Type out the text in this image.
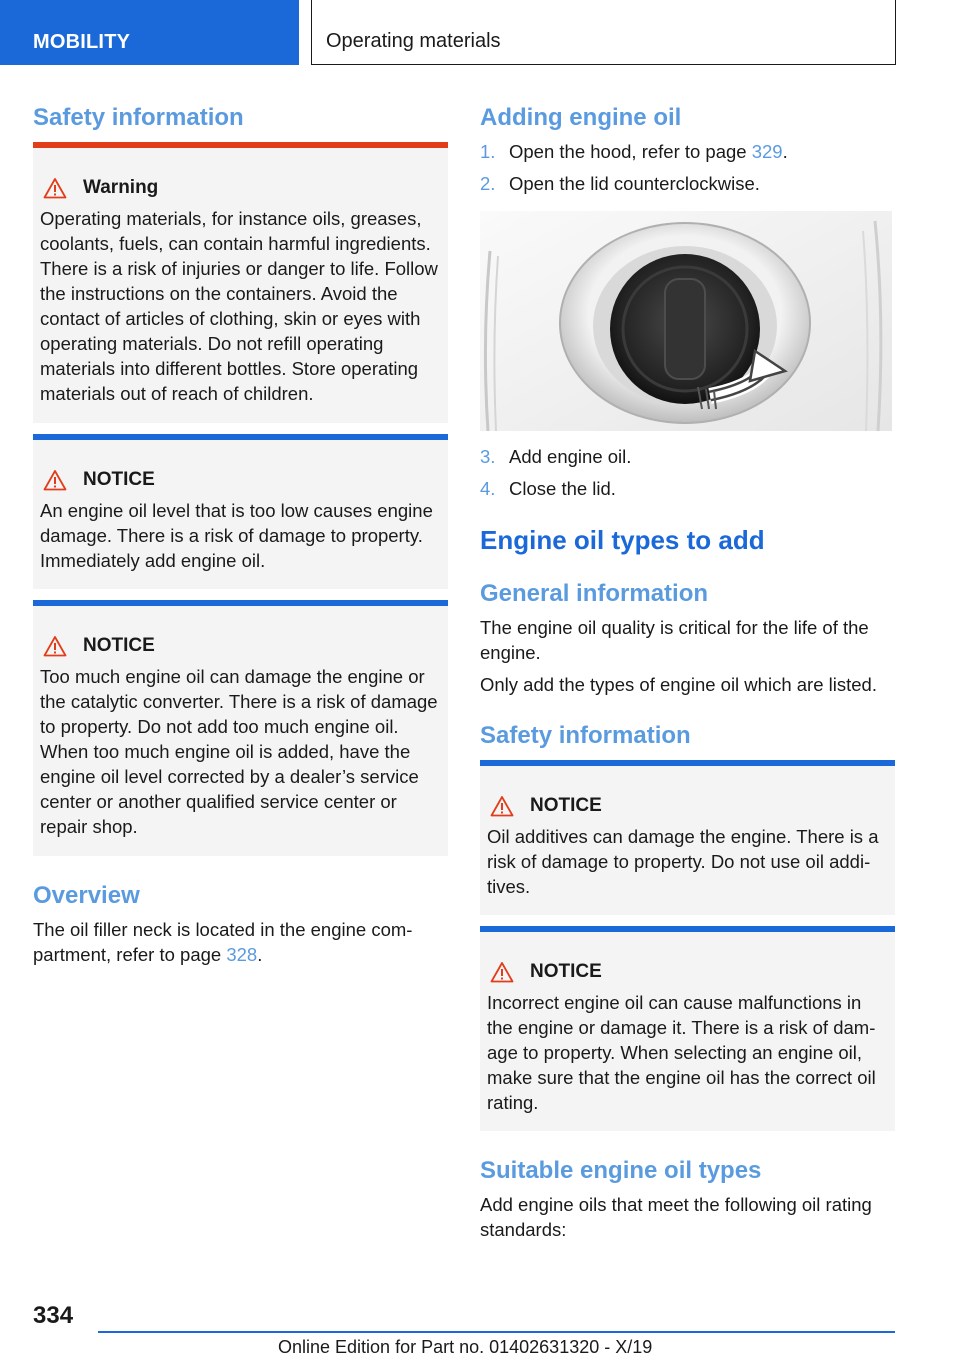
MOBILITY	Operating materials
Safety information
Warning
Operating materials, for instance oils, greases, coolants, fuels, can contain harmful ingredients. There is a risk of injuries or danger to life. Follow the instructions on the containers. Avoid the contact of articles of clothing, skin or eyes with operating materials. Do not refill operating materials into different bottles. Store operating materials out of reach of children.
NOTICE
An engine oil level that is too low causes engine damage. There is a risk of damage to property. Immediately add engine oil.
NOTICE
Too much engine oil can damage the engine or the catalytic converter. There is a risk of damage to property. Do not add too much engine oil. When too much engine oil is added, have the engine oil level corrected by a dealer’s service center or another qualified service center or repair shop.
Overview
The oil filler neck is located in the engine compartment, refer to page 328.
Adding engine oil
1. Open the hood, refer to page 329.
2. Open the lid counterclockwise.
3. Add engine oil.
4. Close the lid.
Engine oil types to add
General information
The engine oil quality is critical for the life of the engine.
Only add the types of engine oil which are listed.
Safety information
NOTICE
Oil additives can damage the engine. There is a risk of damage to property. Do not use oil additives.
NOTICE
Incorrect engine oil can cause malfunctions in the engine or damage it. There is a risk of damage to property. When selecting an engine oil, make sure that the engine oil has the correct oil rating.
Suitable engine oil types
Add engine oils that meet the following oil rating standards:
334
Online Edition for Part no. 01402631320 - X/19
